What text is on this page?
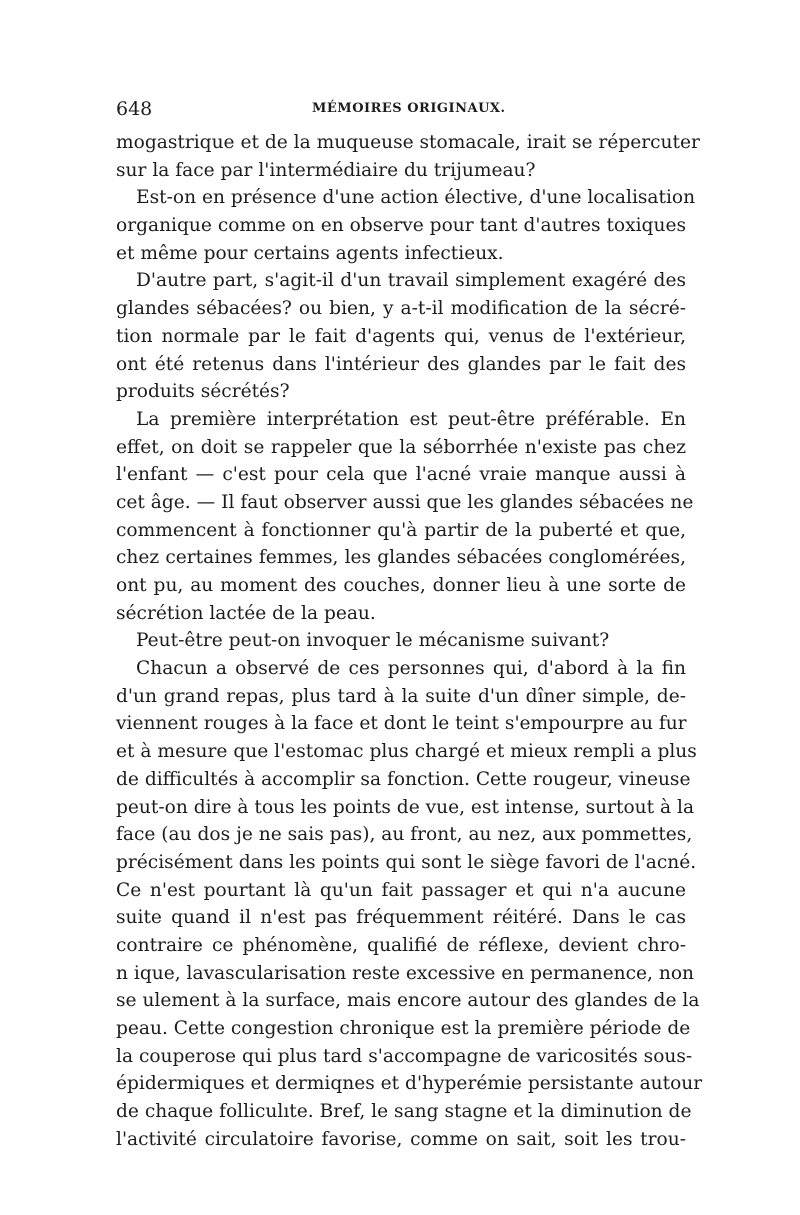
648	MÉMOIRES ORIGINAUX.
mogastrique et de la muqueuse stomacale, irait se répercuter
sur la face par l'intermédiaire du trijumeau?
Est-on en présence d'une action élective, d'une localisation
organique comme on en observe pour tant d'autres toxiques
et même pour certains agents infectieux.
D'autre part, s'agit-il d'un travail simplement exagéré des
glandes sébacées? ou bien, y a-t-il modification de la sécré-
tion normale par le fait d'agents qui, venus de l'extérieur,
ont été retenus dans l'intérieur des glandes par le fait des
produits sécrétés?
La première interprétation est peut-être préférable. En
effet, on doit se rappeler que la séborrhée n'existe pas chez
l'enfant — c'est pour cela que l'acné vraie manque aussi à
cet âge. — Il faut observer aussi que les glandes sébacées ne
commencent à fonctionner qu'à partir de la puberté et que,
chez certaines femmes, les glandes sébacées conglomérées,
ont pu, au moment des couches, donner lieu à une sorte de
sécrétion lactée de la peau.
Peut-être peut-on invoquer le mécanisme suivant?
Chacun a observé de ces personnes qui, d'abord à la fin
d'un grand repas, plus tard à la suite d'un dîner simple, de-
viennent rouges à la face et dont le teint s'empourpre au fur
et à mesure que l'estomac plus chargé et mieux rempli a plus
de difficultés à accomplir sa fonction. Cette rougeur, vineuse
peut-on dire à tous les points de vue, est intense, surtout à la
face (au dos je ne sais pas), au front, au nez, aux pommettes,
précisément dans les points qui sont le siège favori de l'acné.
Ce n'est pourtant là qu'un fait passager et qui n'a aucune
suite quand il n'est pas fréquemment réitéré. Dans le cas
contraire ce phénomène, qualifié de réflexe, devient chro-
n ique, lavascularisation reste excessive en permanence, non
se ulement à la surface, mais encore autour des glandes de la
peau. Cette congestion chronique est la première période de
la couperose qui plus tard s'accompagne de varicosités sous-
épidermiques et dermiqnes et d'hyperémie persistante autour
de chaque folliculıte. Bref, le sang stagne et la diminution de
l'activité circulatoire favorise, comme on sait, soit les trou-
